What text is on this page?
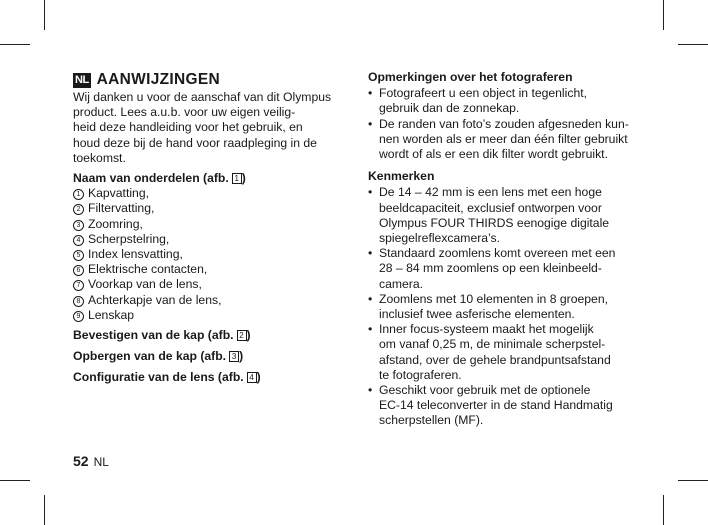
NL AANWIJZINGEN

Wij danken u voor de aanschaf van dit Olympus
product. Lees a.u.b. voor uw eigen veilig-
heid deze handleiding voor het gebruik, en
houd deze bij de hand voor raadpleging in de
toekomst.

Naam van onderdelen (afb. 1 )

1 Kapvatting,
2 Filtervatting,
3 Zoomring,
4 Scherpstelring,
5 Index lensvatting,
6 Elektrische contacten,
7 Voorkap van de lens,
8 Achterkapje van de lens,
9 Lenskap

Bevestigen van de kap (afb. 2 )

Opbergen van de kap (afb. 3 )

Configuratie van de lens (afb. 4 )

Opmerkingen over het fotograferen

• Fotografeert u een object in tegenlicht,
gebruik dan de zonnekap.
• De randen van foto’s zouden afgesneden kun-
nen worden als er meer dan één filter gebruikt
wordt of als er een dik filter wordt gebruikt.

Kenmerken

• De 14 – 42 mm is een lens met een hoge
beeldcapaciteit, exclusief ontworpen voor
Olympus FOUR THIRDS eenogige digitale
spiegelreflexcamera’s.
• Standaard zoomlens komt overeen met een
28 – 84 mm zoomlens op een kleinbeeld-
camera.
• Zoomlens met 10 elementen in 8 groepen,
inclusief twee asferische elementen.
• Inner focus-systeem maakt het mogelijk
om vanaf 0,25 m, de minimale scherpstel-
afstand, over de gehele brandpuntsafstand
te fotograferen.
• Geschikt voor gebruik met de optionele
EC-14 teleconverter in de stand Handmatig
scherpstellen (MF).
52 NL
